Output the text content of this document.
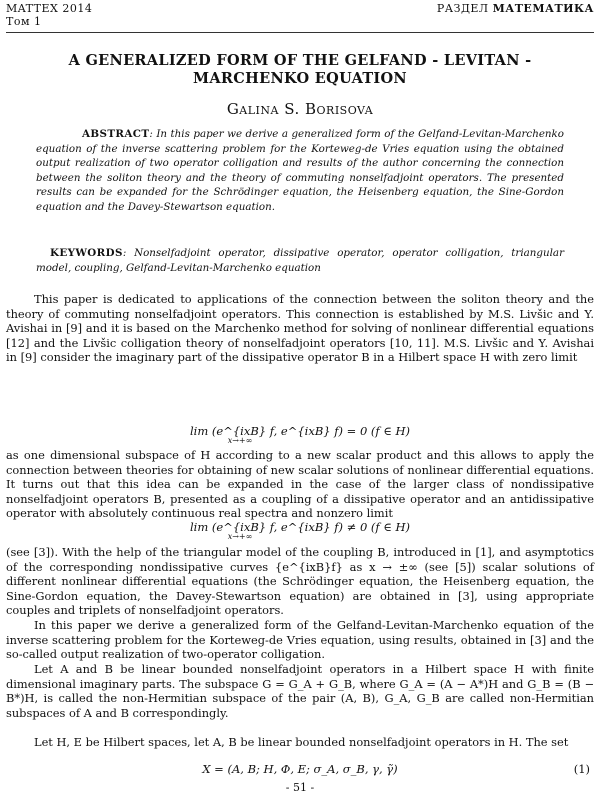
MATTEX 2014
Том 1
РАЗДЕЛ МАТЕМАТИКА
A GENERALIZED FORM OF THE GELFAND - LEVITAN - MARCHENKO EQUATION
Galina S. Borisova
ABSTRACT: In this paper we derive a generalized form of the Gelfand-Levitan-Marchenko equation of the inverse scattering problem for the Korteweg-de Vries equation using the obtained output realization of two operator colligation and results of the author concerning the connection between the soliton theory and the theory of commuting nonselfadjoint operators. The presented results can be expanded for the Schrödinger equation, the Heisenberg equation, the Sine-Gordon equation and the Davey-Stewartson equation.
KEYWORDS: Nonselfadjoint operator, dissipative operator, operator colligation, triangular model, coupling, Gelfand-Levitan-Marchenko equation
This paper is dedicated to applications of the connection between the soliton theory and the theory of commuting nonselfadjoint operators. This connection is established by M.S. Livšic and Y. Avishai in [9] and it is based on the Marchenko method for solving of nonlinear differential equations [12] and the Livšic colligation theory of nonselfadjoint operators [10, 11]. M.S. Livšic and Y. Avishai in [9] consider the imaginary part of the dissipative operator B in a Hilbert space H with zero limit
lim (e^{ixB} f, e^{ixB} f) = 0 (f ∈ H)
x→+∞
as one dimensional subspace of H according to a new scalar product and this allows to apply the connection between theories for obtaining of new scalar solutions of nonlinear differential equations. It turns out that this idea can be expanded in the case of the larger class of nondissipative nonselfadjoint operators B, presented as a coupling of a dissipative operator and an antidissipative operator with absolutely continuous real spectra and nonzero limit
lim (e^{ixB} f, e^{ixB} f) ≠ 0 (f ∈ H)
x→+∞
(see [3]). With the help of the triangular model of the coupling B, introduced in [1], and asymptotics of the corresponding nondissipative curves {e^{ixB}f} as x → ±∞ (see [5]) scalar solutions of different nonlinear differential equations (the Schrödinger equation, the Heisenberg equation, the Sine-Gordon equation, the Davey-Stewartson equation) are obtained in [3], using appropriate couples and triplets of nonselfadjoint operators.
In this paper we derive a generalized form of the Gelfand-Levitan-Marchenko equation of the inverse scattering problem for the Korteweg-de Vries equation, using results, obtained in [3] and the so-called output realization of two-operator colligation.
Let A and B be linear bounded nonselfadjoint operators in a Hilbert space H with finite dimensional imaginary parts. The subspace G = G_A + G_B, where G_A = (A − A*)H and G_B = (B − B*)H, is called the non-Hermitian subspace of the pair (A, B), G_A, G_B are called non-Hermitian subspaces of A and B correspondingly.
Let H, E be Hilbert spaces, let A, B be linear bounded nonselfadjoint operators in H. The set
X = (A, B; H, Φ, E; σ_A, σ_B, γ, γ̃)	(1)
- 51 -
